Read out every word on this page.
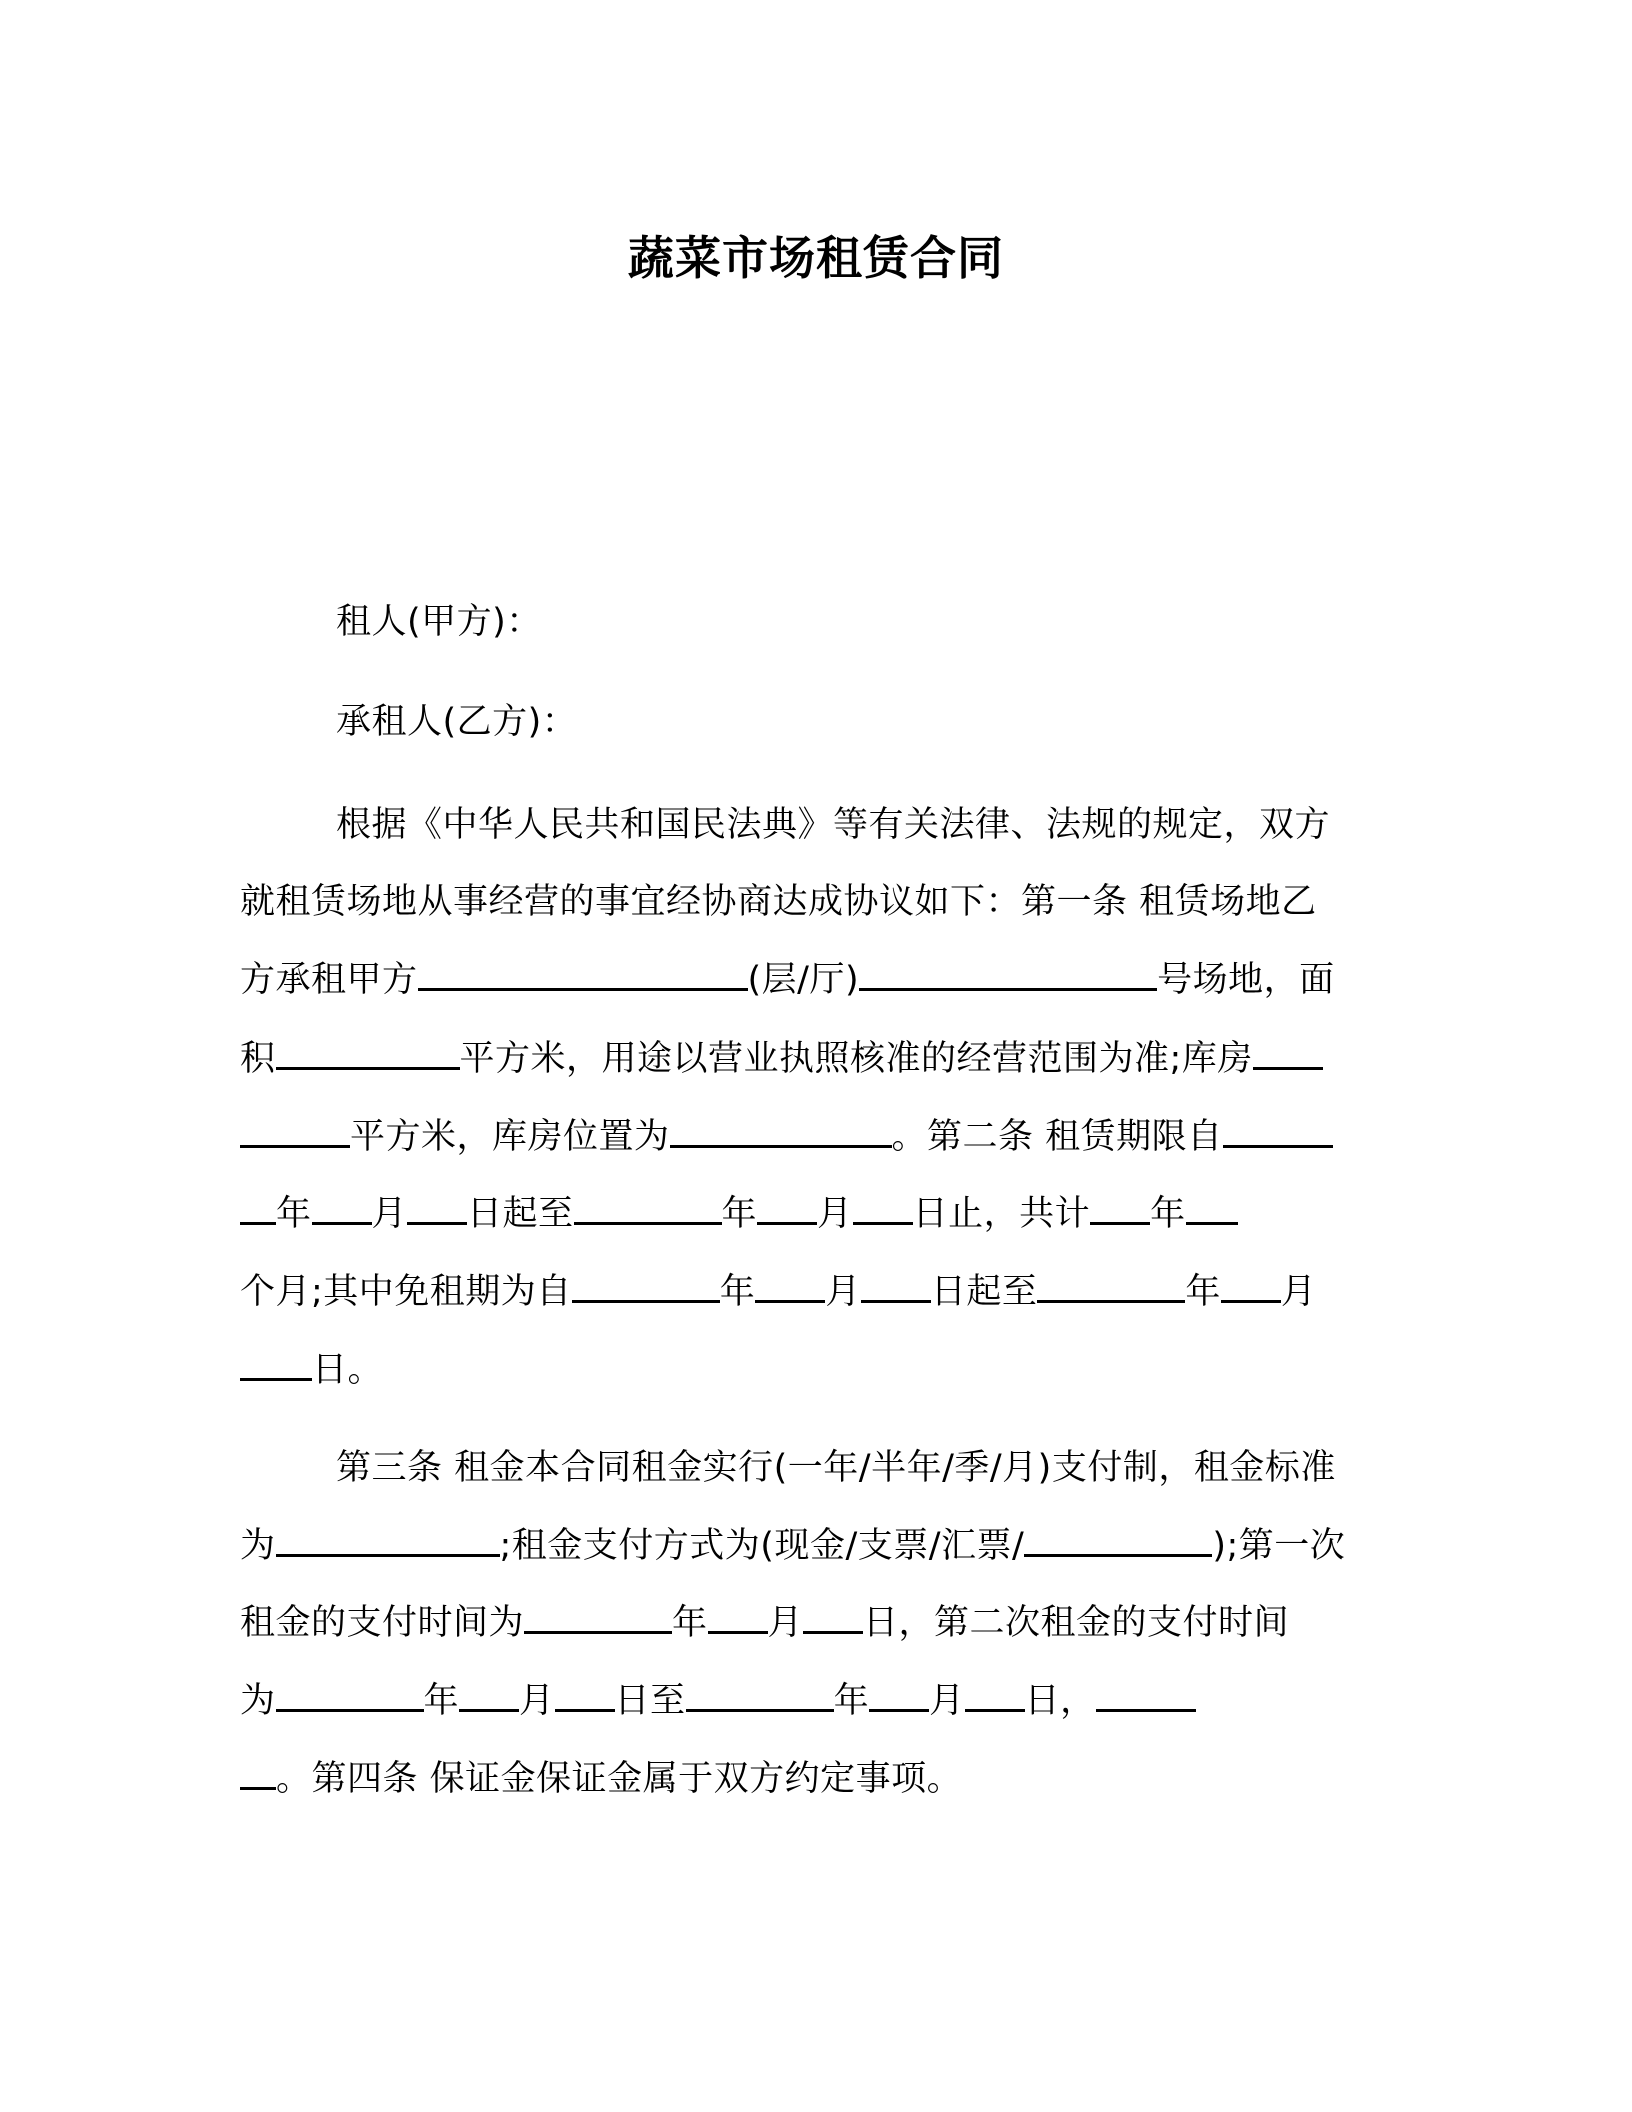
蔬菜市场租赁合同
租人(甲方)：
承租人(乙方)：
根据《中华人民共和国民法典》等有关法律、法规的规定，双方
就租赁场地从事经营的事宜经协商达成协议如下：第一条 租赁场地乙
方承租甲方	(层/厅)	号场地，面
积	平方米，用途以营业执照核准的经营范围为准;库房
平方米，库房位置为	。第二条 租赁期限自
年 月 日起至	年 月 日止，共计 年
个月;其中免租期为自	年 月 日起至	年 月
日。
第三条 租金本合同租金实行(一年/半年/季/月)支付制，租金标准
为	;租金支付方式为(现金/支票/汇票/	);第一次
租金的支付时间为	年 月 日，第二次租金的支付时间
为	年 月 日至	年 月 日，
。第四条 保证金保证金属于双方约定事项。
